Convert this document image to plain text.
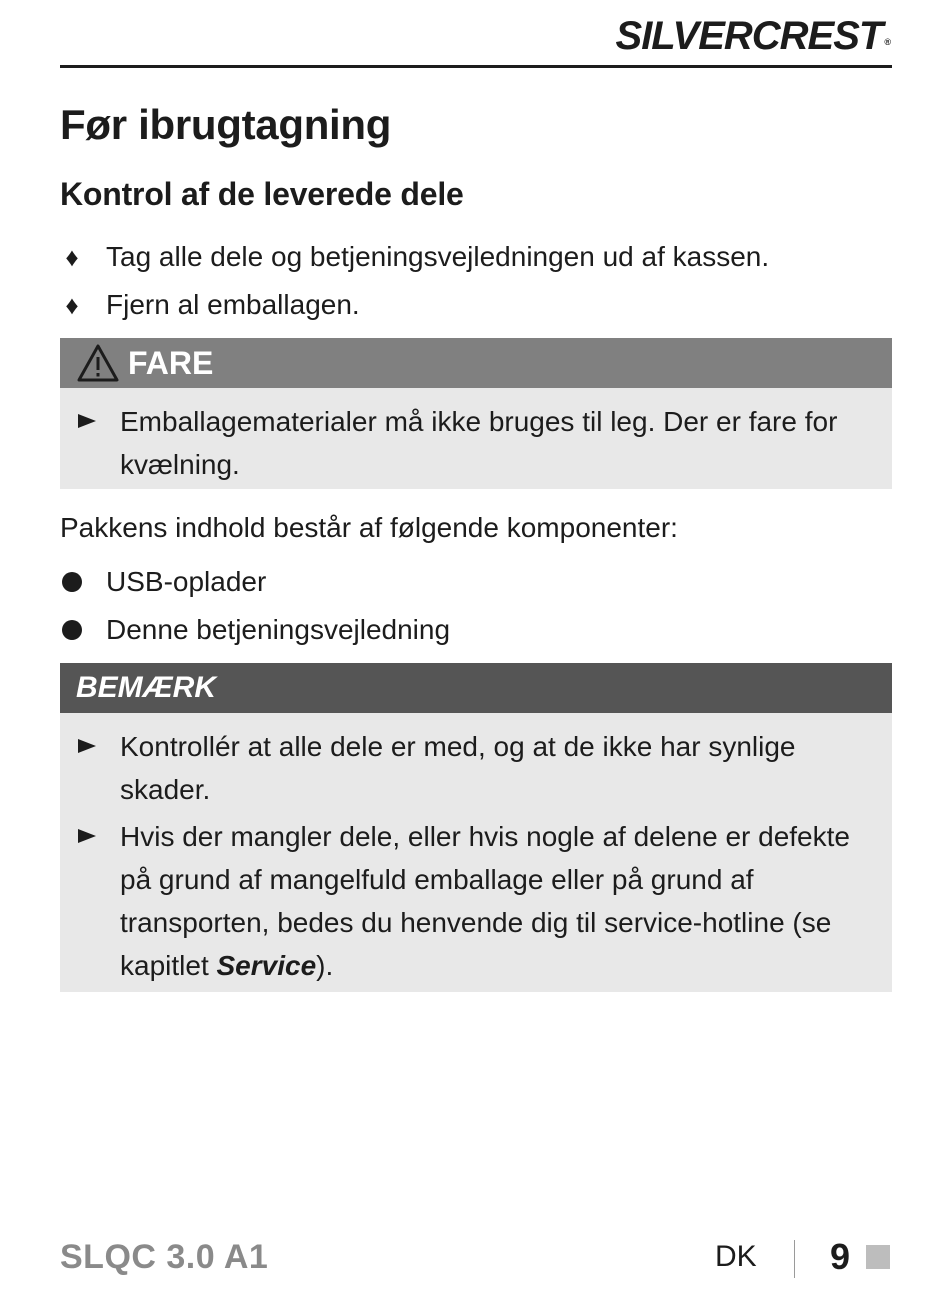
SILVERCREST ®
Før ibrugtagning
Kontrol af de leverede dele
♦ Tag alle dele og betjeningsvejledningen ud af kassen.
♦ Fjern al emballagen.
FARE
Emballagematerialer må ikke bruges til leg. Der er fare for kvælning.

Pakkens indhold består af følgende komponenter:

USB-oplader
Denne betjeningsvejledning
BEMÆRK
Kontrollér at alle dele er med, og at de ikke har synlige skader.
Hvis der mangler dele, eller hvis nogle af delene er defekte på grund af mangelfuld emballage eller på grund af transporten, bedes du henvende dig til service-hotline (se kapitlet Service).
SLQC 3.0 A1	DK 9
